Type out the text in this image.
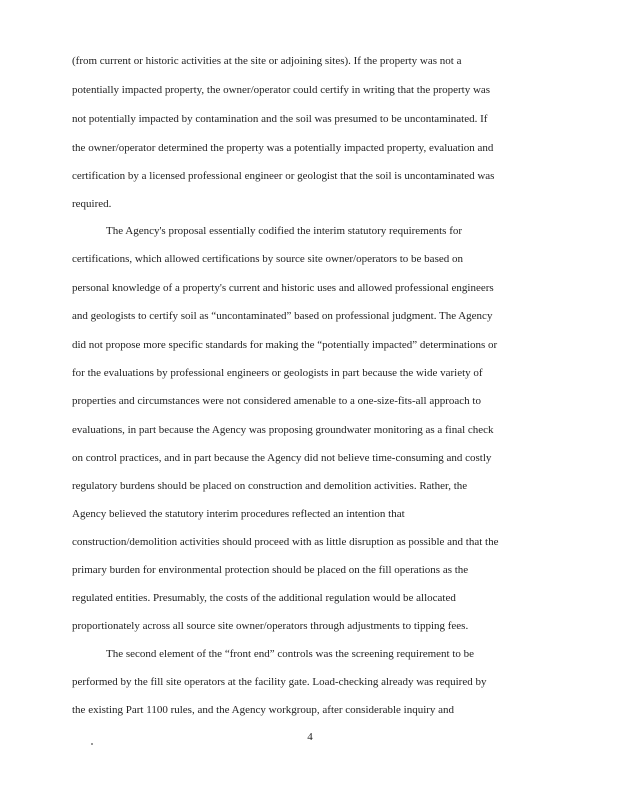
(from current or historic activities at the site or adjoining sites). If the property was not a
potentially impacted property, the owner/operator could certify in writing that the property was
not potentially impacted by contamination and the soil was presumed to be uncontaminated. If
the owner/operator determined the property was a potentially impacted property, evaluation and
certification by a licensed professional engineer or geologist that the soil is uncontaminated was
required.
The Agency's proposal essentially codified the interim statutory requirements for
certifications, which allowed certifications by source site owner/operators to be based on
personal knowledge of a property's current and historic uses and allowed professional engineers
and geologists to certify soil as “uncontaminated” based on professional judgment. The Agency
did not propose more specific standards for making the “potentially impacted” determinations or
for the evaluations by professional engineers or geologists in part because the wide variety of
properties and circumstances were not considered amenable to a one-size-fits-all approach to
evaluations, in part because the Agency was proposing groundwater monitoring as a final check
on control practices, and in part because the Agency did not believe time-consuming and costly
regulatory burdens should be placed on construction and demolition activities. Rather, the
Agency believed the statutory interim procedures reflected an intention that
construction/demolition activities should proceed with as little disruption as possible and that the
primary burden for environmental protection should be placed on the fill operations as the
regulated entities. Presumably, the costs of the additional regulation would be allocated
proportionately across all source site owner/operators through adjustments to tipping fees.
The second element of the “front end” controls was the screening requirement to be
performed by the fill site operators at the facility gate. Load-checking already was required by
the existing Part 1100 rules, and the Agency workgroup, after considerable inquiry and
4
